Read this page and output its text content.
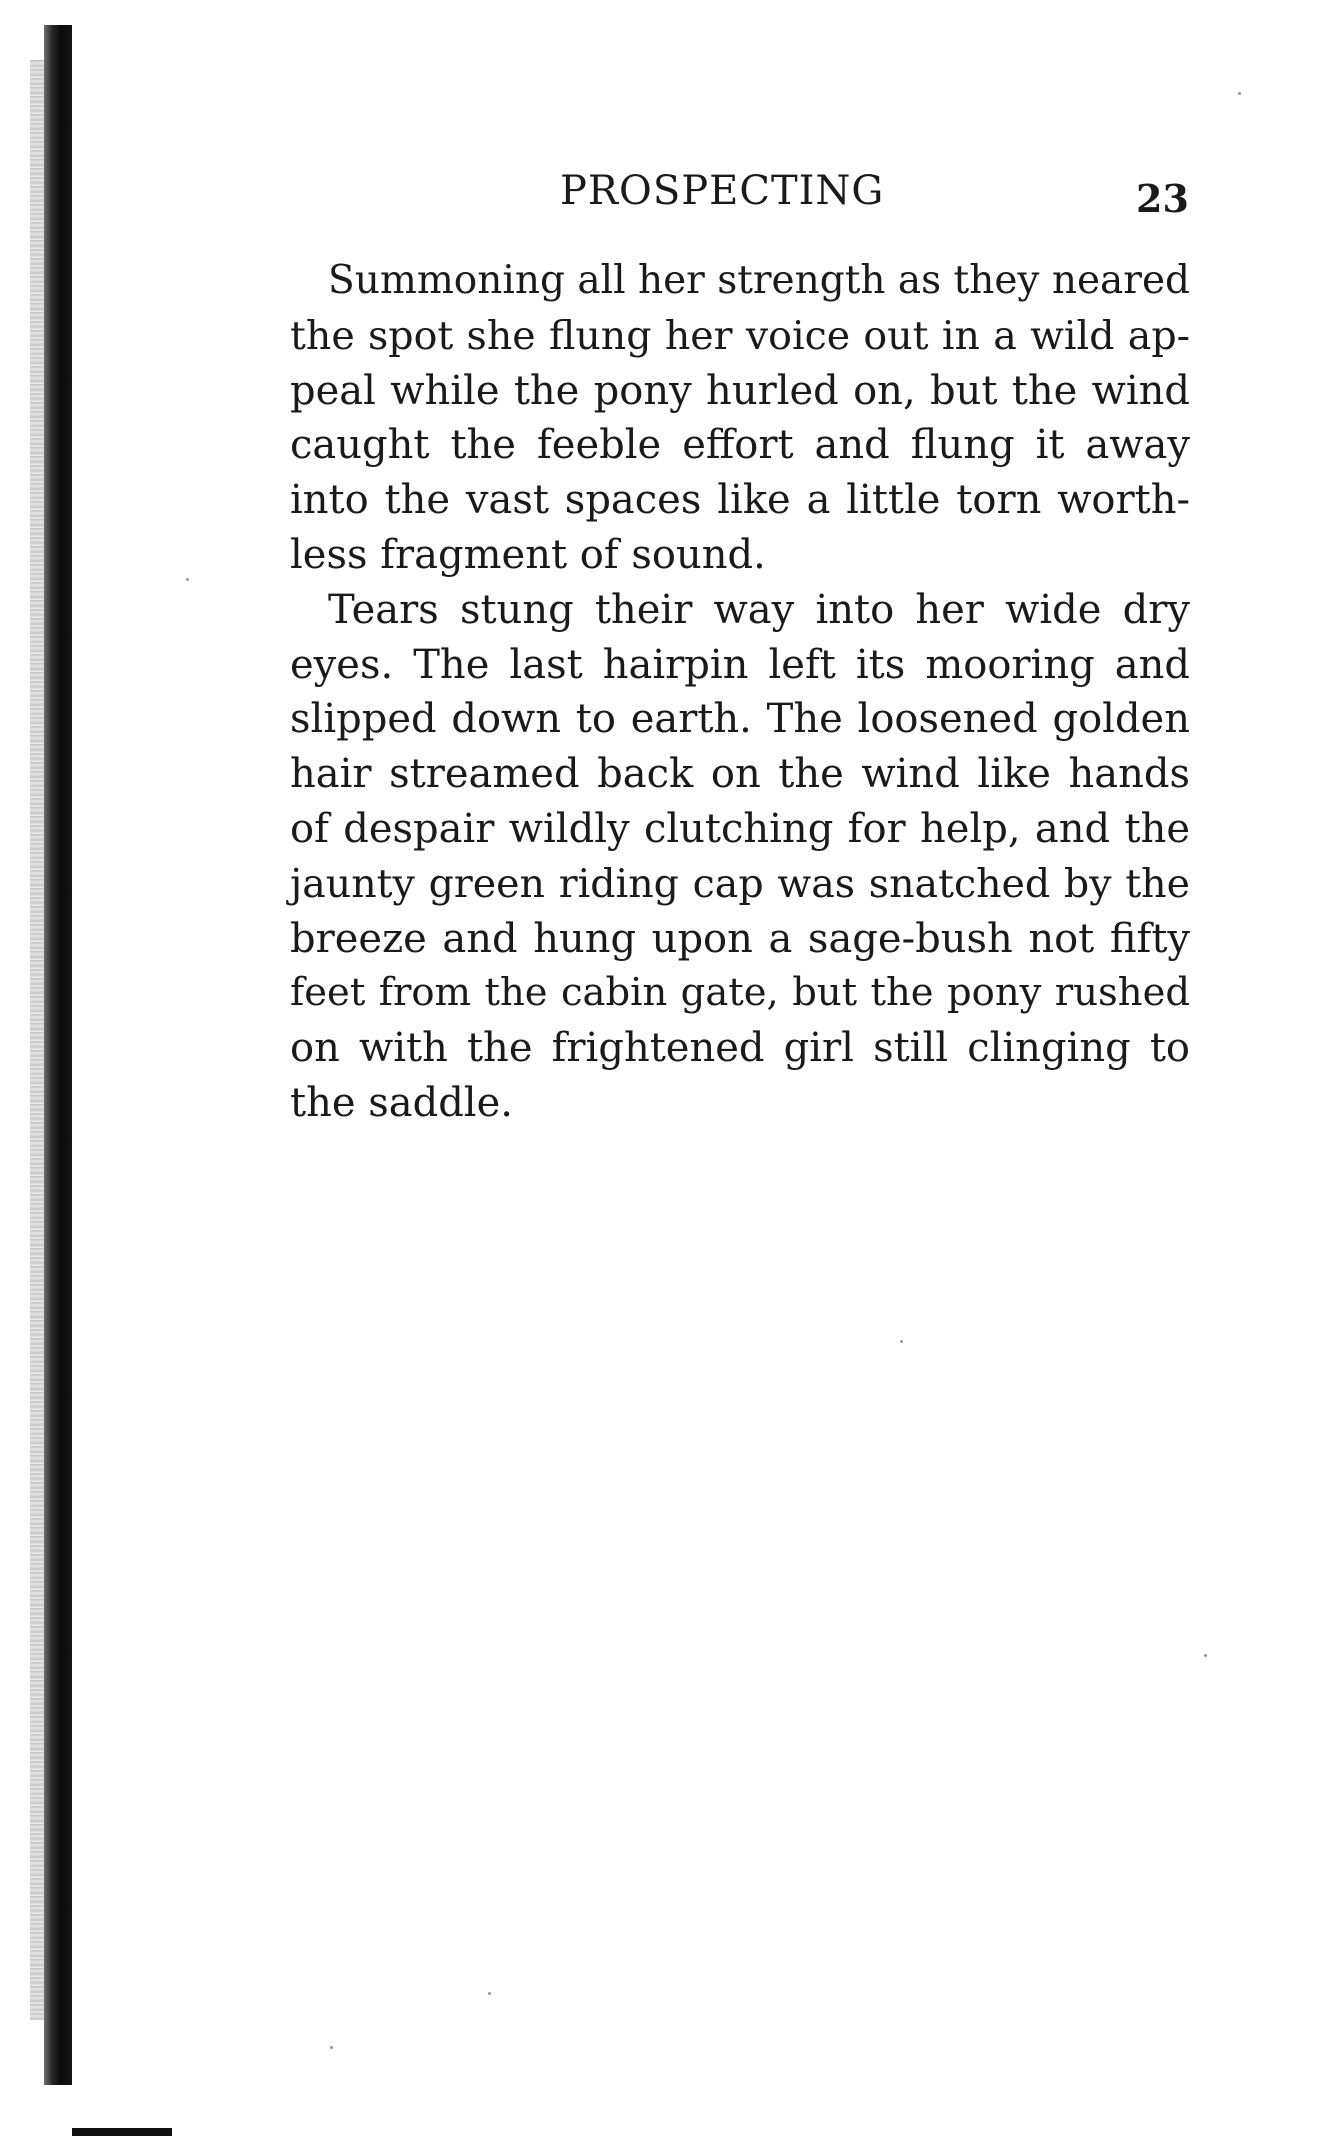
PROSPECTING	23
Summoning all her strength as they neared
the spot she flung her voice out in a wild ap-
peal while the pony hurled on, but the wind
caught the feeble effort and flung it away
into the vast spaces like a little torn worth-
less fragment of sound.
Tears stung their way into her wide dry
eyes. The last hairpin left its mooring and
slipped down to earth. The loosened golden
hair streamed back on the wind like hands
of despair wildly clutching for help, and the
jaunty green riding cap was snatched by the
breeze and hung upon a sage-bush not fifty
feet from the cabin gate, but the pony rushed
on with the frightened girl still clinging to
the saddle.
